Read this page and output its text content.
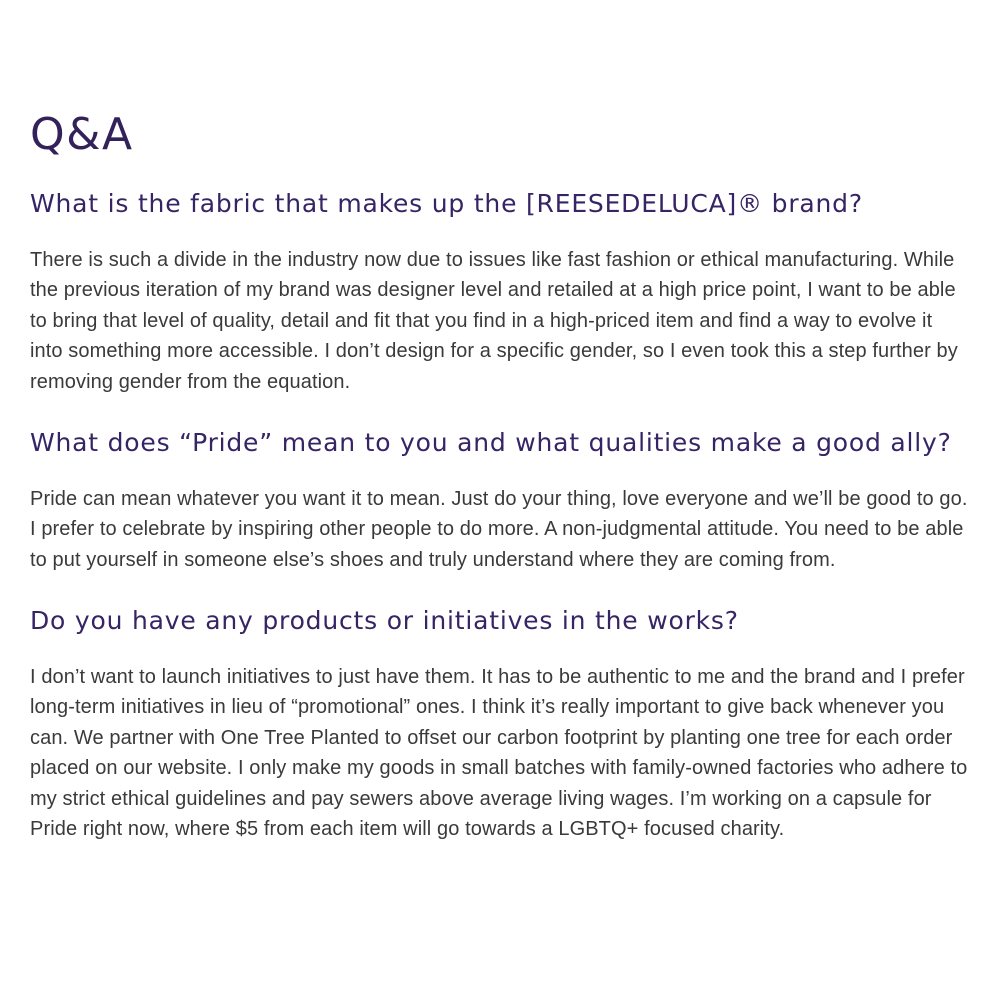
Q&A
What is the fabric that makes up the [REESEDELUCA]® brand?

There is such a divide in the industry now due to issues like fast fashion or ethical manufacturing. While the previous iteration of my brand was designer level and retailed at a high price point, I want to be able to bring that level of quality, detail and fit that you find in a high-priced item and find a way to evolve it into something more accessible. I don’t design for a specific gender, so I even took this a step further by removing gender from the equation.

What does “Pride” mean to you and what qualities make a good ally?

Pride can mean whatever you want it to mean. Just do your thing, love everyone and we’ll be good to go. I prefer to celebrate by inspiring other people to do more. A non-judgmental attitude. You need to be able to put yourself in someone else’s shoes and truly understand where they are coming from.

Do you have any products or initiatives in the works?

I don’t want to launch initiatives to just have them. It has to be authentic to me and the brand and I prefer long-term initiatives in lieu of “promotional” ones. I think it’s really important to give back whenever you can. We partner with One Tree Planted to offset our carbon footprint by planting one tree for each order placed on our website. I only make my goods in small batches with family-owned factories who adhere to my strict ethical guidelines and pay sewers above average living wages. I’m working on a capsule for Pride right now, where $5 from each item will go towards a LGBTQ+ focused charity.
